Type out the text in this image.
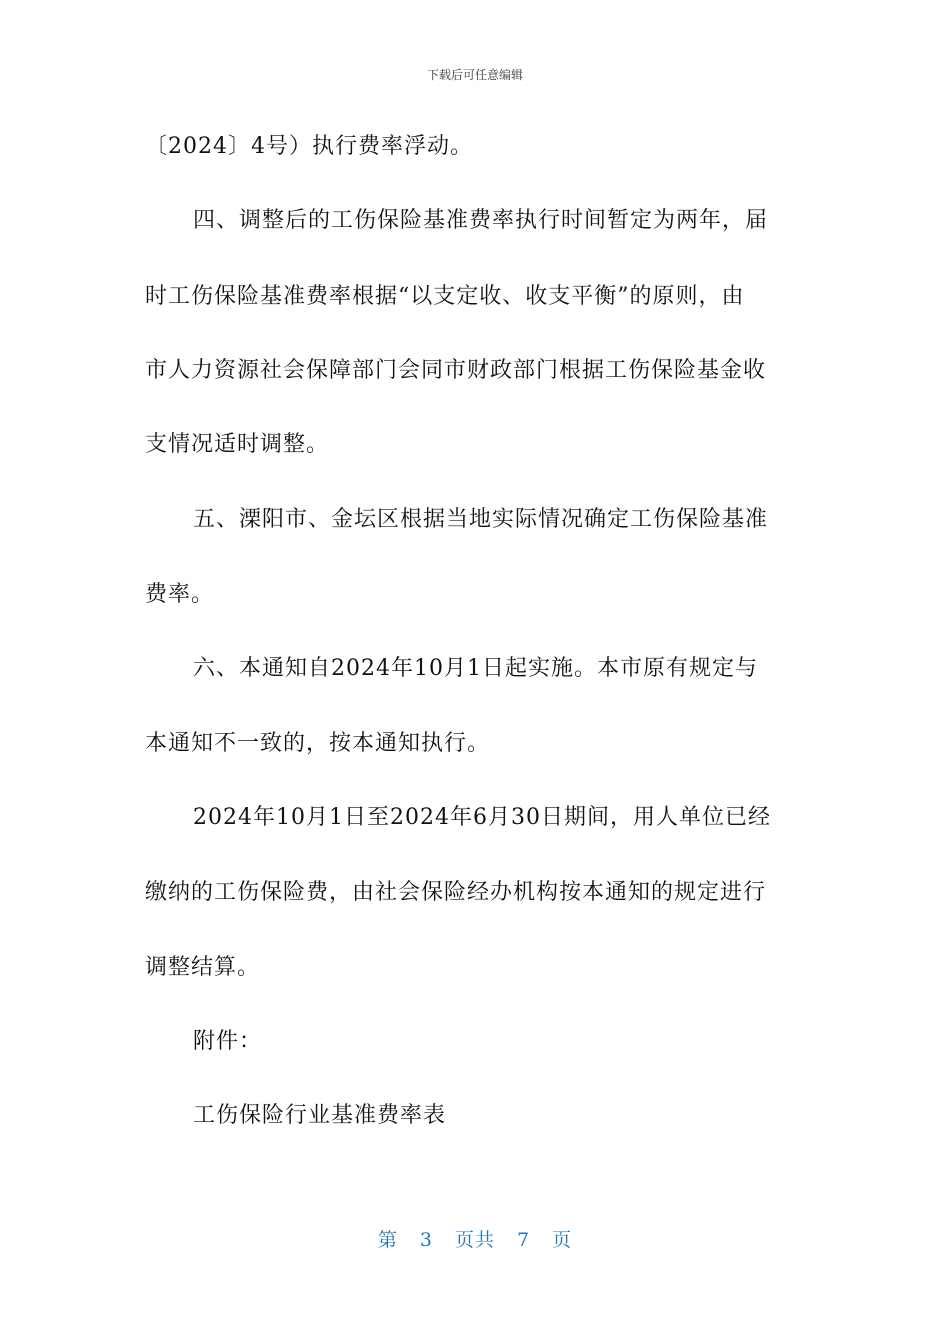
下载后可任意编辑
〔2024〕4号）执行费率浮动。
四、调整后的工伤保险基准费率执行时间暂定为两年，届
时工伤保险基准费率根据“以支定收、收支平衡”的原则，由
市人力资源社会保障部门会同市财政部门根据工伤保险基金收
支情况适时调整。
五、溧阳市、金坛区根据当地实际情况确定工伤保险基准
费率。
六、本通知自2024年10月1日起实施。本市原有规定与
本通知不一致的，按本通知执行。
2024年10月1日至2024年6月30日期间，用人单位已经
缴纳的工伤保险费，由社会保险经办机构按本通知的规定进行
调整结算。
附件：
工伤保险行业基准费率表
第 3 页共 7 页
